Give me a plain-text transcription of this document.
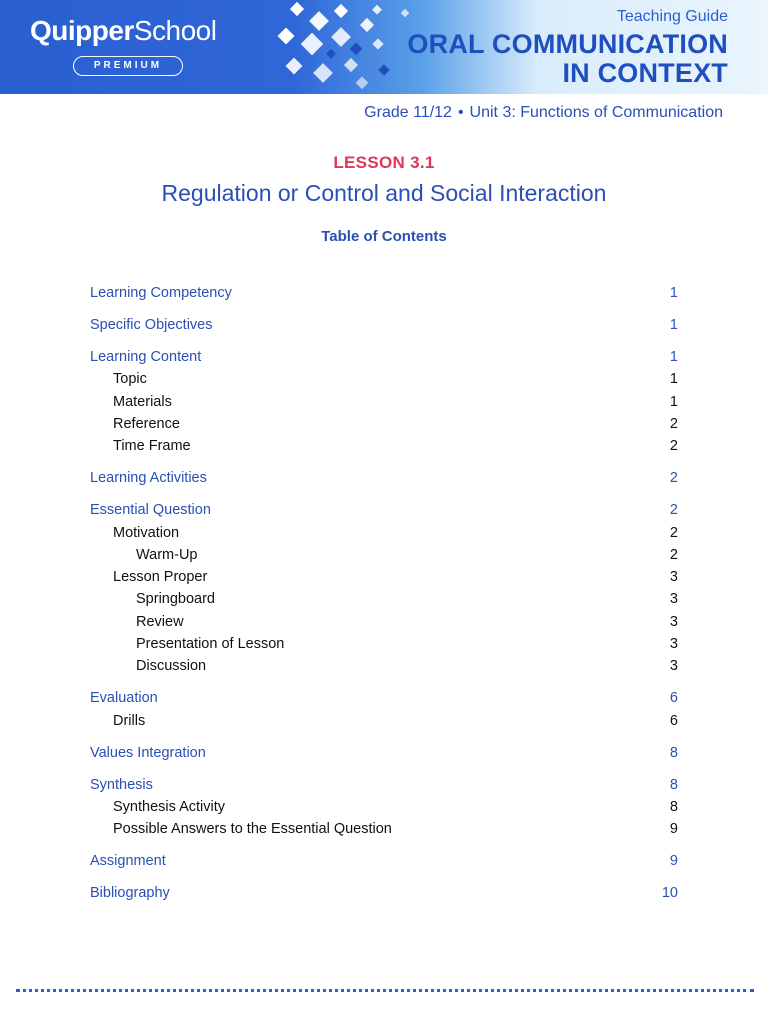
QuipperSchool
PREMIUM
Teaching Guide
ORAL COMMUNICATION
IN CONTEXT
Grade 11/12 • Unit 3: Functions of Communication
LESSON 3.1
Regulation or Control and Social Interaction
Table of Contents
Learning Competency	1
Specific Objectives	1
Learning Content	1
Topic	1
Materials	1
Reference	2
Time Frame	2
Learning Activities	2
Essential Question	2
Motivation	2
Warm-Up	2
Lesson Proper	3
Springboard	3
Review	3
Presentation of Lesson	3
Discussion	3
Evaluation	6
Drills	6
Values Integration	8
Synthesis	8
Synthesis Activity	8
Possible Answers to the Essential Question	9
Assignment	9
Bibliography	10
